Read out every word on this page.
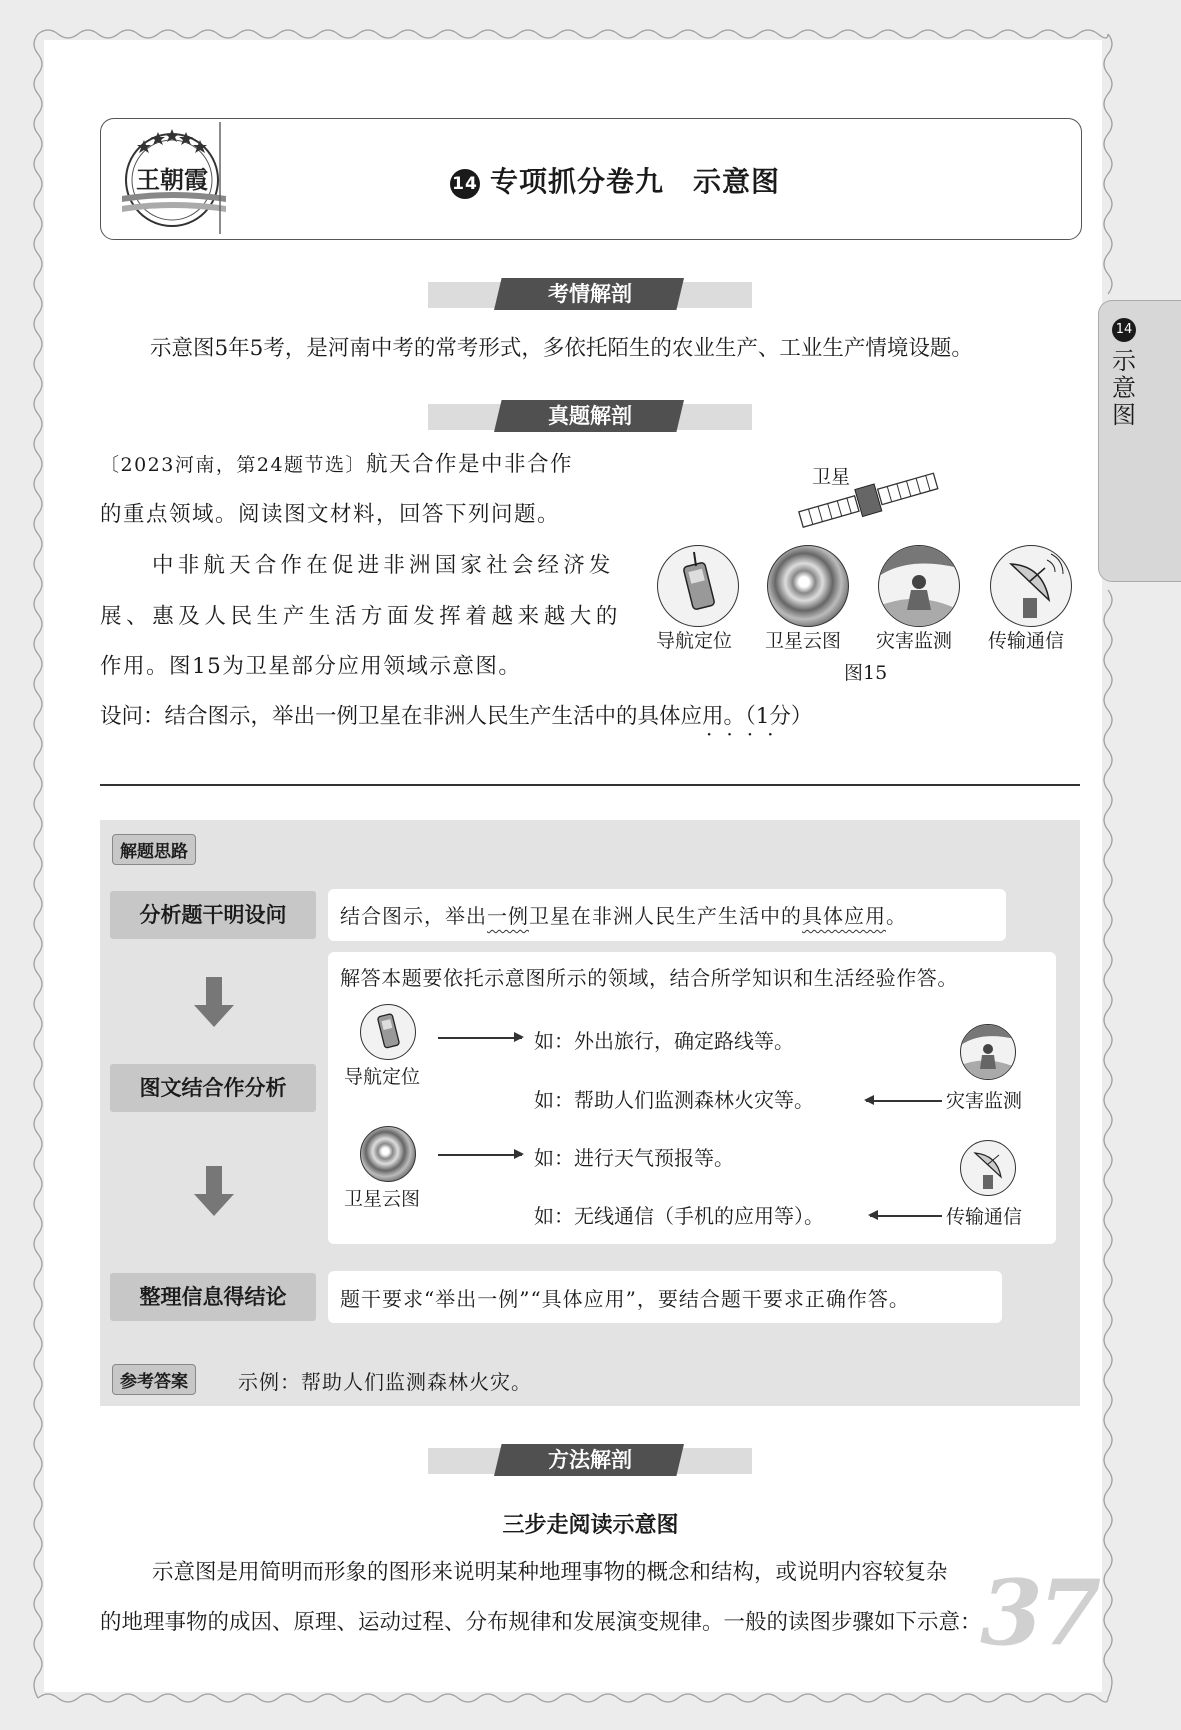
王朝霞	14 专项抓分卷九　示意图
14
示意图
考情解剖
示意图5年5考，是河南中考的常考形式，多依托陌生的农业生产、工业生产情境设题。
真题解剖
〔2023河南，第24题节选〕航天合作是中非合作
的重点领域。阅读图文材料，回答下列问题。
中非航天合作在促进非洲国家社会经济发
展、惠及人民生产生活方面发挥着越来越大的
作用。图15为卫星部分应用领域示意图。
设问：结合图示，举出一例卫星在非洲人民生产生活中的具体应用。（1分）
····
卫星
导航定位 卫星云图 灾害监测 传输通信
图15
解题思路
分析题干明设问	结合图示，举出一例卫星在非洲人民生产生活中的具体应用。
图文结合作分析
解答本题要依托示意图所示的领域，结合所学知识和生活经验作答。
导航定位
如：外出旅行，确定路线等。
如：帮助人们监测森林火灾等。	灾害监测
卫星云图
如：进行天气预报等。
如：无线通信（手机的应用等）。	传输通信
整理信息得结论	题干要求“举出一例”“具体应用”，要结合题干要求正确作答。
参考答案	示例：帮助人们监测森林火灾。
方法解剖
三步走阅读示意图
示意图是用简明而形象的图形来说明某种地理事物的概念和结构，或说明内容较复杂
的地理事物的成因、原理、运动过程、分布规律和发展演变规律。一般的读图步骤如下示意：
37
